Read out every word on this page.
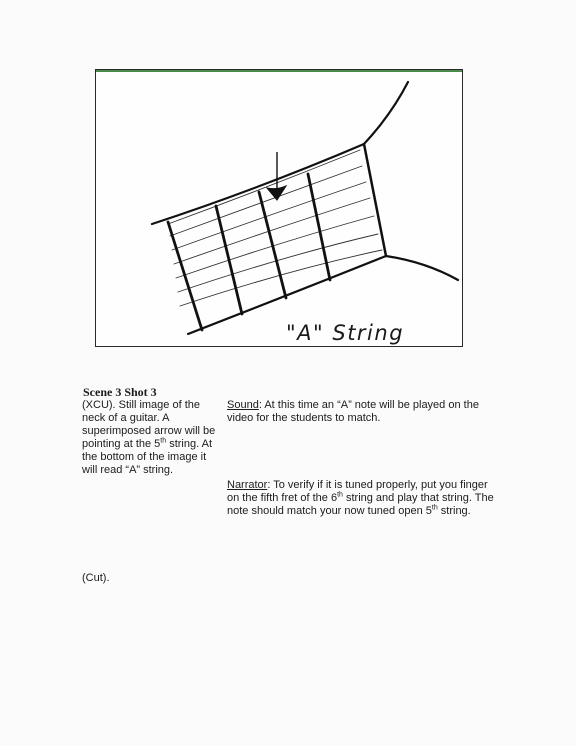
"A" String
Scene 3 Shot 3
(XCU). Still image of the neck of a guitar. A superimposed arrow will be pointing at the 5th string. At the bottom of the image it will read “A” string.
Sound: At this time an “A” note will be played on the video for the students to match.
Narrator: To verify if it is tuned properly, put you finger on the fifth fret of the 6th string and play that string. The note should match your now tuned open 5th string.
(Cut).
